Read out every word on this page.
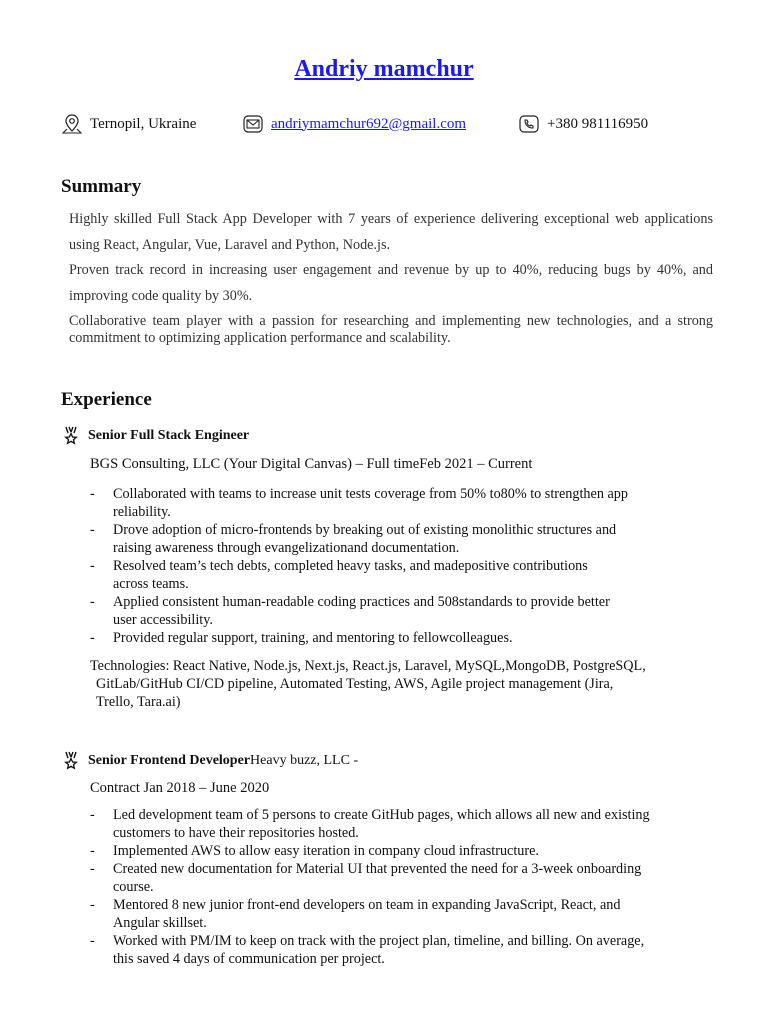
Andriy mamchur
Ternopil, Ukraine	andriymamchur692@gmail.com	+380 981116950
Summary

Highly skilled Full Stack App Developer with 7 years of experience delivering exceptional web applications using React, Angular, Vue, Laravel and Python, Node.js.

Proven track record in increasing user engagement and revenue by up to 40%, reducing bugs by 40%, and improving code quality by 30%.

Collaborative team player with a passion for researching and implementing new technologies, and a strong commitment to optimizing application performance and scalability.

Experience
Senior Full Stack Engineer
BGS Consulting, LLC (Your Digital Canvas) – Full timeFeb 2021 – Current
- Collaborated with teams to increase unit tests coverage from 50% to80% to strengthen app
reliability.
- Drove adoption of micro-frontends by breaking out of existing monolithic structures and
raising awareness through evangelizationand documentation.
- Resolved team’s tech debts, completed heavy tasks, and madepositive contributions
across teams.
- Applied consistent human-readable coding practices and 508standards to provide better
user accessibility.
- Provided regular support, training, and mentoring to fellowcolleagues.
Technologies: React Native, Node.js, Next.js, React.js, Laravel, MySQL,MongoDB, PostgreSQL,
GitLab/GitHub CI/CD pipeline, Automated Testing, AWS, Agile project management (Jira,
Trello, Tara.ai)
Senior Frontend Developer Heavy buzz, LLC -
Contract Jan 2018 – June 2020
- Led development team of 5 persons to create GitHub pages, which allows all new and existing
customers to have their repositories hosted.
- Implemented AWS to allow easy iteration in company cloud infrastructure.
- Created new documentation for Material UI that prevented the need for a 3-week onboarding
course.
- Mentored 8 new junior front-end developers on team in expanding JavaScript, React, and
Angular skillset.
- Worked with PM/IM to keep on track with the project plan, timeline, and billing. On average,
this saved 4 days of communication per project.
